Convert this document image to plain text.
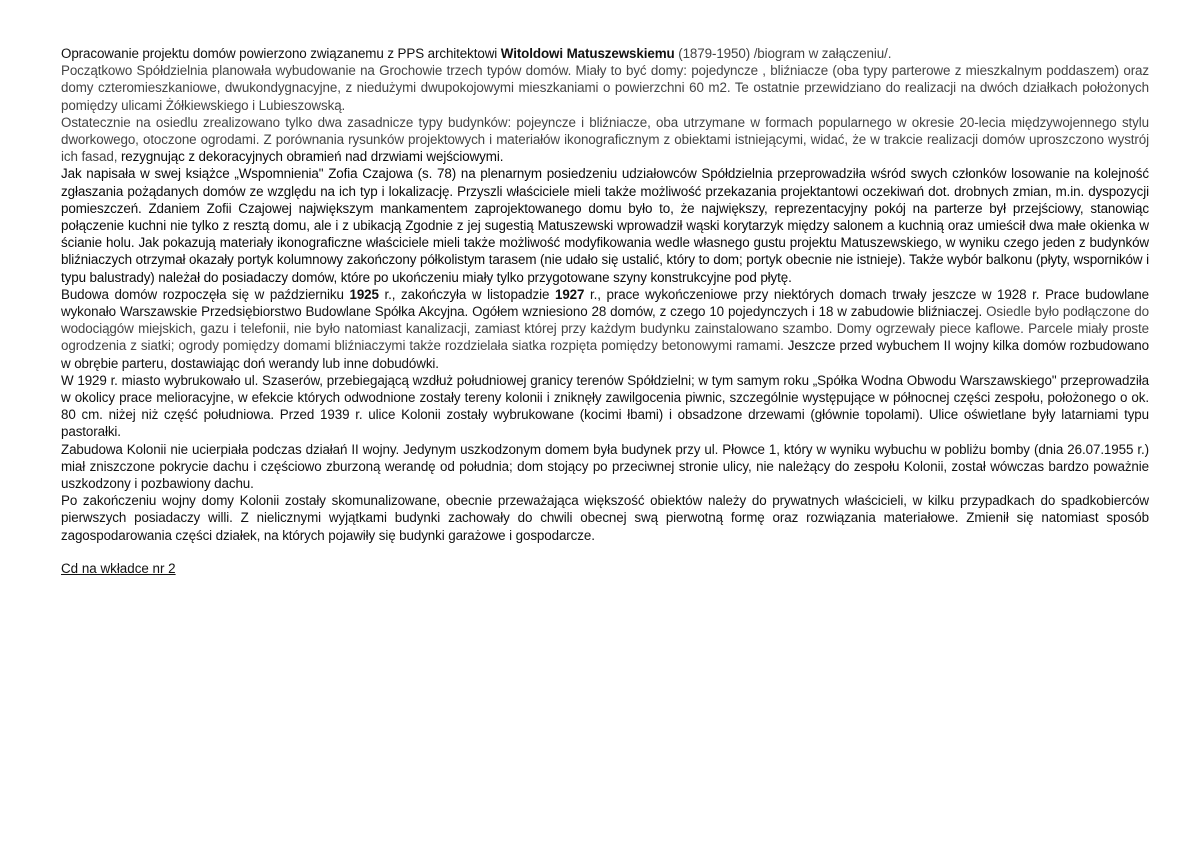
Opracowanie projektu domów powierzono związanemu z PPS architektowi Witoldowi Matuszewskiemu (1879-1950) /biogram w załączeniu/.

Początkowo Spółdzielnia planowała wybudowanie na Grochowie trzech typów domów. Miały to być domy: pojedyncze , bliźniacze (oba typy parterowe z mieszkalnym poddaszem) oraz domy czteromieszkaniowe, dwukondygnacyjne, z niedużymi dwupokojowymi mieszkaniami o powierzchni 60 m2. Te ostatnie przewidziano do realizacji na dwóch działkach położonych pomiędzy ulicami Żółkiewskiego i Lubieszowską.

Ostatecznie na osiedlu zrealizowano tylko dwa zasadnicze typy budynków: pojeyncze i bliźniacze, oba utrzymane w formach popularnego w okresie 20-lecia międzywojennego stylu dworkowego, otoczone ogrodami. Z porównania rysunków projektowych i materiałów ikonograficznym z obiektami istniejącymi, widać, że w trakcie realizacji domów uproszczono wystrój ich fasad, rezygnując z dekoracyjnych obramień nad drzwiami wejściowymi.

Jak napisała w swej książce „Wspomnienia" Zofia Czajowa (s. 78) na plenarnym posiedzeniu udziałowców Spółdzielnia przeprowadziła wśród swych członków losowanie na kolejność zgłaszania pożądanych domów ze względu na ich typ i lokalizację. Przyszli właściciele mieli także możliwość przekazania projektantowi oczekiwań dot. drobnych zmian, m.in. dyspozycji pomieszczeń. Zdaniem Zofii Czajowej największym mankamentem zaprojektowanego domu było to, że największy, reprezentacyjny pokój na parterze był przejściowy, stanowiąc połączenie kuchni nie tylko z resztą domu, ale i z ubikacją Zgodnie z jej sugestią Matuszewski wprowadził wąski korytarzyk między salonem a kuchnią oraz umieścił dwa małe okienka w ścianie holu. Jak pokazują materiały ikonograficzne właściciele mieli także możliwość modyfikowania wedle własnego gustu projektu Matuszewskiego, w wyniku czego jeden z budynków bliźniaczych otrzymał okazały portyk kolumnowy zakończony półkolistym tarasem (nie udało się ustalić, który to dom; portyk obecnie nie istnieje). Także wybór balkonu (płyty, wsporników i typu balustrady) należał do posiadaczy domów, które po ukończeniu miały tylko przygotowane szyny konstrukcyjne pod płytę.

Budowa domów rozpoczęła się w październiku 1925 r., zakończyła w listopadzie 1927 r., prace wykończeniowe przy niektórych domach trwały jeszcze w 1928 r. Prace budowlane wykonało Warszawskie Przedsiębiorstwo Budowlane Spółka Akcyjna. Ogółem wzniesiono 28 domów, z czego 10 pojedynczych i 18 w zabudowie bliźniaczej. Osiedle było podłączone do wodociągów miejskich, gazu i telefonii, nie było natomiast kanalizacji, zamiast której przy każdym budynku zainstalowano szambo. Domy ogrzewały piece kaflowe. Parcele miały proste ogrodzenia z siatki; ogrody pomiędzy domami bliźniaczymi także rozdzielała siatka rozpięta pomiędzy betonowymi ramami. Jeszcze przed wybuchem II wojny kilka domów rozbudowano w obrębie parteru, dostawiając doń werandy lub inne dobudówki.

W 1929 r. miasto wybrukowało ul. Szaserów, przebiegającą wzdłuż południowej granicy terenów Spółdzielni; w tym samym roku „Spółka Wodna Obwodu Warszawskiego" przeprowadziła w okolicy prace melioracyjne, w efekcie których odwodnione zostały tereny kolonii i zniknęły zawilgocenia piwnic, szczególnie występujące w północnej części zespołu, położonego o ok. 80 cm. niżej niż część południowa. Przed 1939 r. ulice Kolonii zostały wybrukowane (kocimi łbami) i obsadzone drzewami (głównie topolami). Ulice oświetlane były latarniami typu pastorałki.

Zabudowa Kolonii nie ucierpiała podczas działań II wojny. Jedynym uszkodzonym domem była budynek przy ul. Płowce 1, który w wyniku wybuchu w pobliżu bomby (dnia 26.07.1955 r.) miał zniszczone pokrycie dachu i częściowo zburzoną werandę od południa; dom stojący po przeciwnej stronie ulicy, nie należący do zespołu Kolonii, został wówczas bardzo poważnie uszkodzony i pozbawiony dachu.

Po zakończeniu wojny domy Kolonii zostały skomunalizowane, obecnie przeważająca większość obiektów należy do prywatnych właścicieli, w kilku przypadkach do spadkobierców pierwszych posiadaczy willi. Z nielicznymi wyjątkami budynki zachowały do chwili obecnej swą pierwotną formę oraz rozwiązania materiałowe. Zmienił się natomiast sposób zagospodarowania części działek, na których pojawiły się budynki garażowe i gospodarcze.

Cd na wkładce nr 2
